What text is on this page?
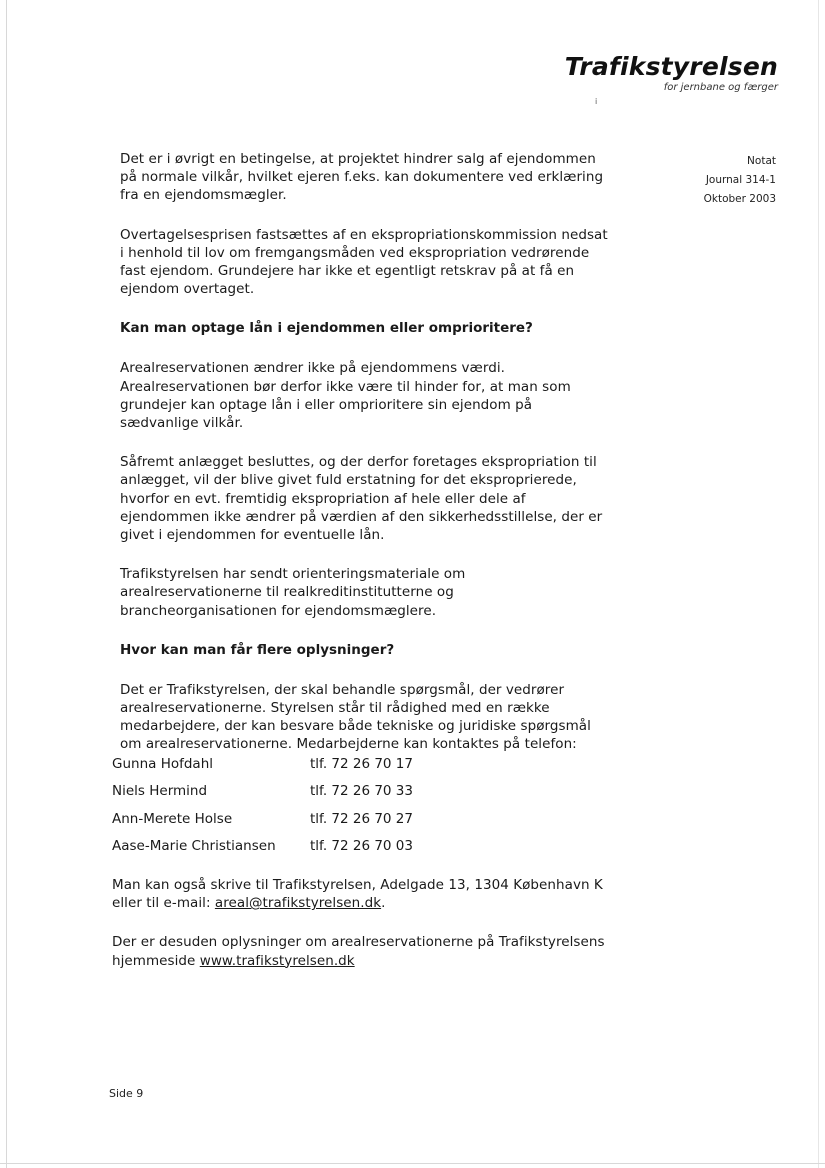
Trafikstyrelsen
for jernbane og færger
ⅰ
Notat
Journal 314-1
Oktober 2003

Det er i øvrigt en betingelse, at projektet hindrer salg af ejendommen på normale vilkår, hvilket ejeren f.eks. kan dokumentere ved erklæring fra en ejendomsmægler.

Overtagelsesprisen fastsættes af en ekspropriationskommission nedsat i henhold til lov om fremgangsmåden ved ekspropriation vedrørende fast ejendom. Grundejere har ikke et egentligt retskrav på at få en ejendom overtaget.

Kan man optage lån i ejendommen eller omprioritere?

Arealreservationen ændrer ikke på ejendommens værdi. Arealreservationen bør derfor ikke være til hinder for, at man som grundejer kan optage lån i eller omprioritere sin ejendom på sædvanlige vilkår.

Såfremt anlægget besluttes, og der derfor foretages ekspropriation til anlægget, vil der blive givet fuld erstatning for det eksproprierede, hvorfor en evt. fremtidig ekspropriation af hele eller dele af ejendommen ikke ændrer på værdien af den sikkerhedsstillelse, der er givet i ejendommen for eventuelle lån.

Trafikstyrelsen har sendt orienteringsmateriale om arealreservationerne til realkreditinstitutterne og brancheorganisationen for ejendomsmæglere.

Hvor kan man får flere oplysninger?

Det er Trafikstyrelsen, der skal behandle spørgsmål, der vedrører arealreservationerne. Styrelsen står til rådighed med en række medarbejdere, der kan besvare både tekniske og juridiske spørgsmål om arealreservationerne. Medarbejderne kan kontaktes på telefon:

Gunna Hofdahl	tlf. 72 26 70 17
Niels Hermind	tlf. 72 26 70 33
Ann-Merete Holse	tlf. 72 26 70 27
Aase-Marie Christiansen	tlf. 72 26 70 03

Man kan også skrive til Trafikstyrelsen, Adelgade 13, 1304 København K eller til e-mail: areal@trafikstyrelsen.dk.

Der er desuden oplysninger om arealreservationerne på Trafikstyrelsens hjemmeside www.trafikstyrelsen.dk

Side 9
